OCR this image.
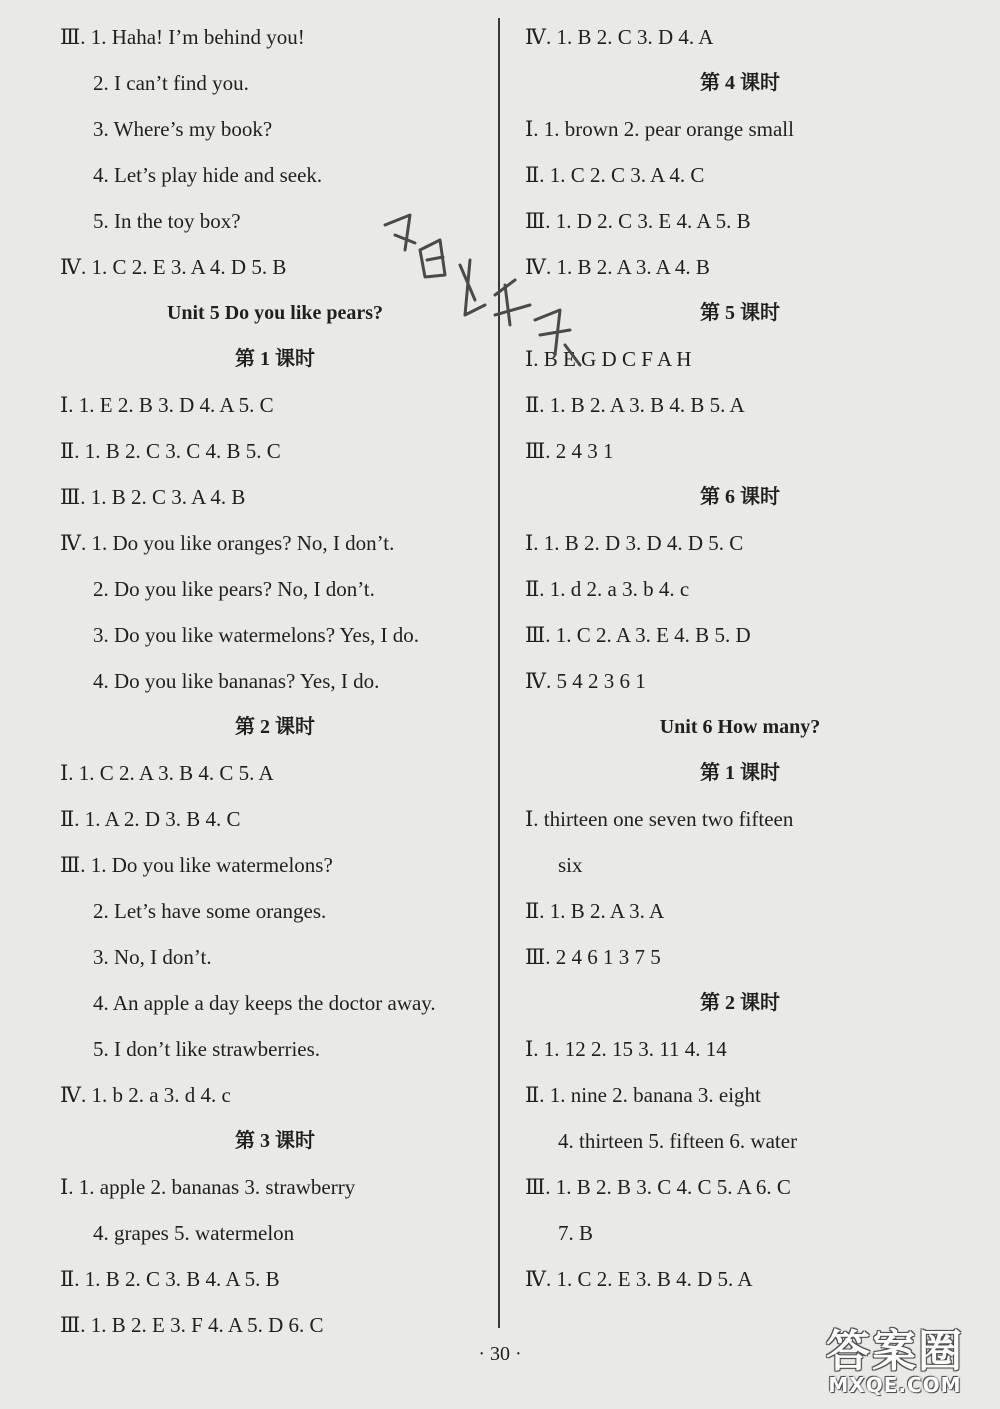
Ⅲ. 1. Haha! I’m behind you!
2. I can’t find you.
3. Where’s my book?
4. Let’s play hide and seek.
5. In the toy box?
Ⅳ. 1. C 2. E 3. A 4. D 5. B
Unit 5 Do you like pears?
第 1 课时
Ⅰ. 1. E 2. B 3. D 4. A 5. C
Ⅱ. 1. B 2. C 3. C 4. B 5. C
Ⅲ. 1. B 2. C 3. A 4. B
Ⅳ. 1. Do you like oranges? No, I don’t.
2. Do you like pears? No, I don’t.
3. Do you like watermelons? Yes, I do.
4. Do you like bananas? Yes, I do.
第 2 课时
Ⅰ. 1. C 2. A 3. B 4. C 5. A
Ⅱ. 1. A 2. D 3. B 4. C
Ⅲ. 1. Do you like watermelons?
2. Let’s have some oranges.
3. No, I don’t.
4. An apple a day keeps the doctor away.
5. I don’t like strawberries.
Ⅳ. 1. b 2. a 3. d 4. c
第 3 课时
Ⅰ. 1. apple 2. bananas 3. strawberry
4. grapes 5. watermelon
Ⅱ. 1. B 2. C 3. B 4. A 5. B
Ⅲ. 1. B 2. E 3. F 4. A 5. D 6. C
Ⅳ. 1. B 2. C 3. D 4. A
第 4 课时
Ⅰ. 1. brown 2. pear orange small
Ⅱ. 1. C 2. C 3. A 4. C
Ⅲ. 1. D 2. C 3. E 4. A 5. B
Ⅳ. 1. B 2. A 3. A 4. B
第 5 课时
Ⅰ. B E G D C F A H
Ⅱ. 1. B 2. A 3. B 4. B 5. A
Ⅲ. 2 4 3 1
第 6 课时
Ⅰ. 1. B 2. D 3. D 4. D 5. C
Ⅱ. 1. d 2. a 3. b 4. c
Ⅲ. 1. C 2. A 3. E 4. B 5. D
Ⅳ. 5 4 2 3 6 1
Unit 6 How many?
第 1 课时
Ⅰ. thirteen one seven two fifteen
six
Ⅱ. 1. B 2. A 3. A
Ⅲ. 2 4 6 1 3 7 5
第 2 课时
Ⅰ. 1. 12 2. 15 3. 11 4. 14
Ⅱ. 1. nine 2. banana 3. eight
4. thirteen 5. fifteen 6. water
Ⅲ. 1. B 2. B 3. C 4. C 5. A 6. C
7. B
Ⅳ. 1. C 2. E 3. B 4. D 5. A
· 30 ·	答案圈
MXQE.COM
